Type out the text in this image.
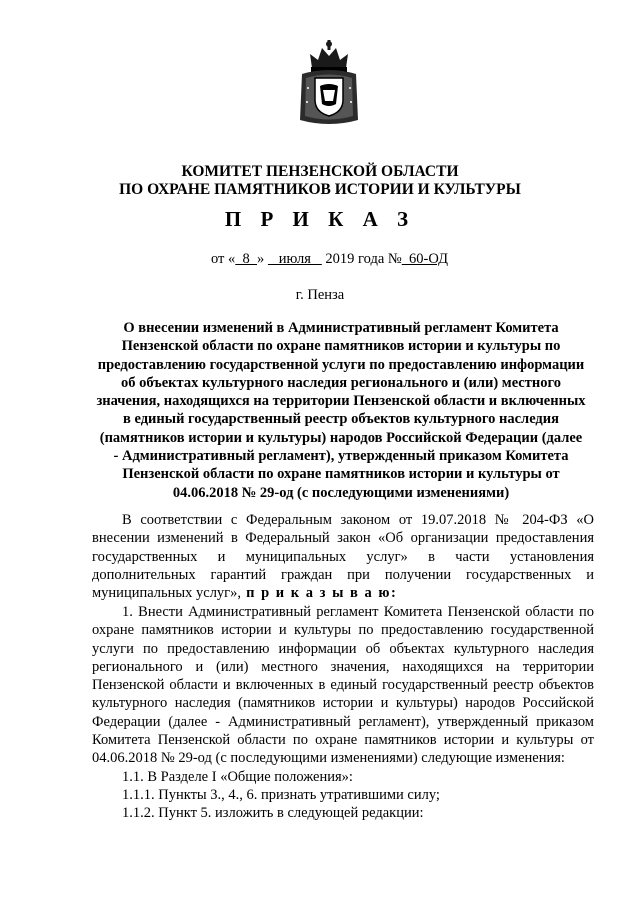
КОМИТЕТ ПЕНЗЕНСКОЙ ОБЛАСТИ
ПО ОХРАНЕ ПАМЯТНИКОВ ИСТОРИИ И КУЛЬТУРЫ
П Р И К А З
от «  8  »    июля    2019 года №  60-ОД
г. Пенза
О внесении изменений в Административный регламент Комитета Пензенской области по охране памятников истории и культуры по предоставлению государственной услуги по предоставлению информации об объектах культурного наследия регионального и (или) местного значения, находящихся на территории Пензенской области и включенных в единый государственный реестр объектов культурного наследия (памятников истории и культуры) народов Российской Федерации (далее - Административный регламент), утвержденный приказом Комитета Пензенской области по охране памятников истории и культуры от 04.06.2018 № 29-од (с последующими изменениями)
В соответствии с Федеральным законом от 19.07.2018 № 204-ФЗ «О внесении изменений в Федеральный закон «Об организации предоставления государственных и муниципальных услуг» в части установления дополнительных гарантий граждан при получении государственных и муниципальных услуг», п р и к а з ы в а ю:
1. Внести Административный регламент Комитета Пензенской области по охране памятников истории и культуры по предоставлению государственной услуги по предоставлению информации об объектах культурного наследия регионального и (или) местного значения, находящихся на территории Пензенской области и включенных в единый государственный реестр объектов культурного наследия (памятников истории и культуры) народов Российской Федерации (далее - Административный регламент), утвержденный приказом Комитета Пензенской области по охране памятников истории и культуры от 04.06.2018 № 29-од (с последующими изменениями) следующие изменения:
1.1. В Разделе I «Общие положения»:
1.1.1. Пункты 3., 4., 6. признать утратившими силу;
1.1.2. Пункт 5. изложить в следующей редакции:
